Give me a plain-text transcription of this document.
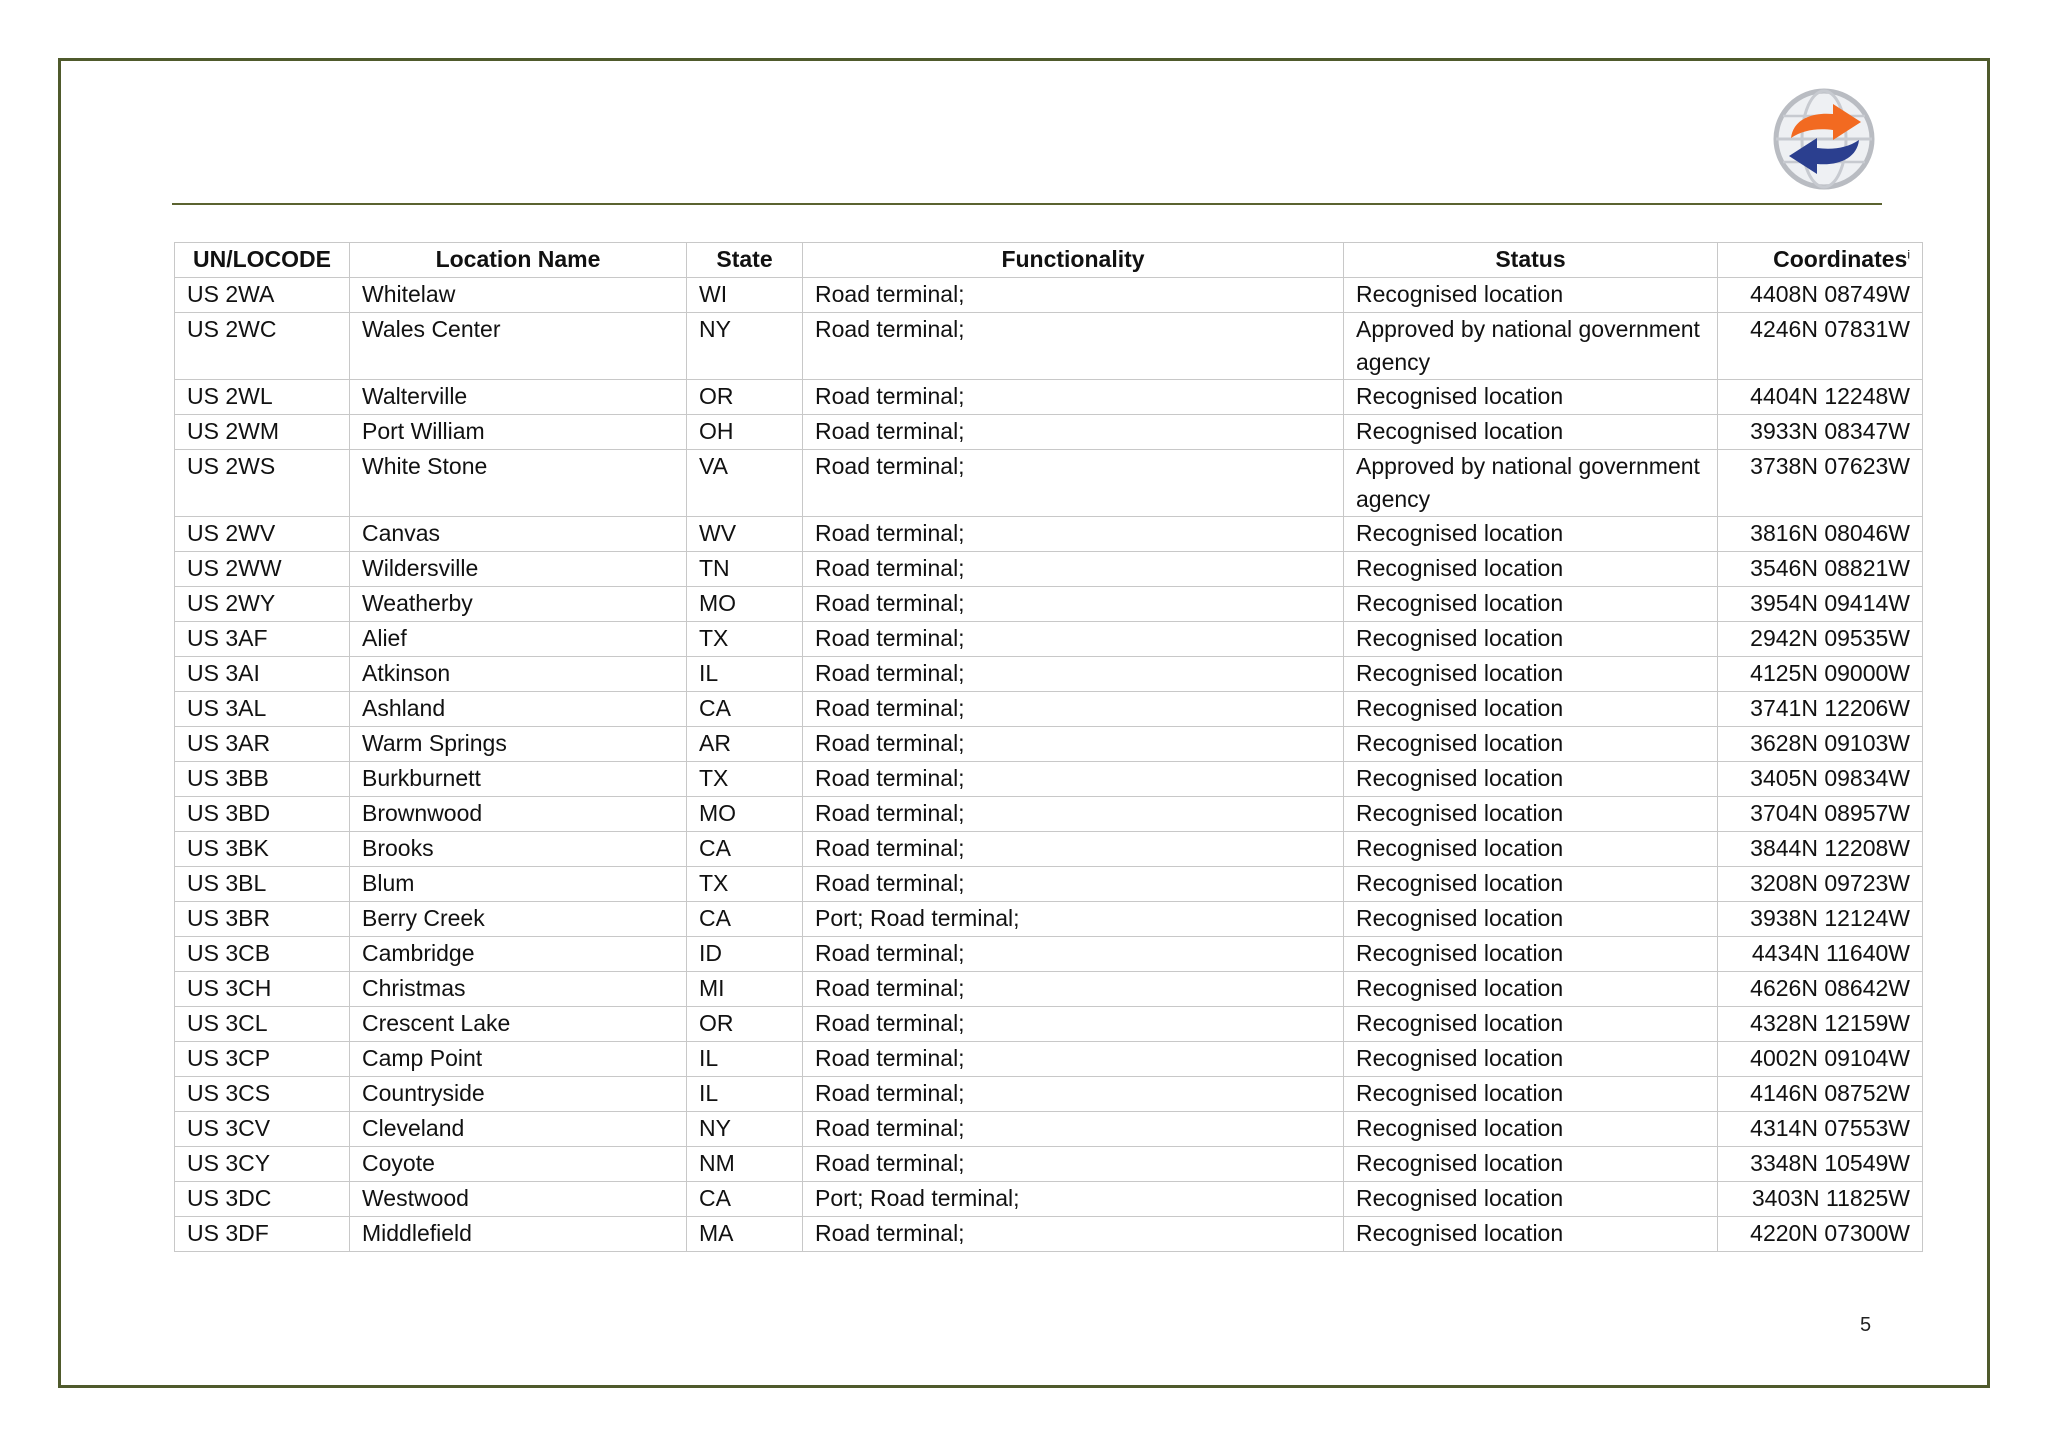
UN/LOCODE	Location Name	State	Functionality	Status	Coordinates$^i$
US 2WA	Whitelaw	WI	Road terminal;	Recognised location	4408N 08749W
US 2WC	Wales Center	NY	Road terminal;	Approved by national government agency	4246N 07831W
US 2WL	Walterville	OR	Road terminal;	Recognised location	4404N 12248W
US 2WM	Port William	OH	Road terminal;	Recognised location	3933N 08347W
US 2WS	White Stone	VA	Road terminal;	Approved by national government agency	3738N 07623W
US 2WV	Canvas	WV	Road terminal;	Recognised location	3816N 08046W
US 2WW	Wildersville	TN	Road terminal;	Recognised location	3546N 08821W
US 2WY	Weatherby	MO	Road terminal;	Recognised location	3954N 09414W
US 3AF	Alief	TX	Road terminal;	Recognised location	2942N 09535W
US 3AI	Atkinson	IL	Road terminal;	Recognised location	4125N 09000W
US 3AL	Ashland	CA	Road terminal;	Recognised location	3741N 12206W
US 3AR	Warm Springs	AR	Road terminal;	Recognised location	3628N 09103W
US 3BB	Burkburnett	TX	Road terminal;	Recognised location	3405N 09834W
US 3BD	Brownwood	MO	Road terminal;	Recognised location	3704N 08957W
US 3BK	Brooks	CA	Road terminal;	Recognised location	3844N 12208W
US 3BL	Blum	TX	Road terminal;	Recognised location	3208N 09723W
US 3BR	Berry Creek	CA	Port; Road terminal;	Recognised location	3938N 12124W
US 3CB	Cambridge	ID	Road terminal;	Recognised location	4434N 11640W
US 3CH	Christmas	MI	Road terminal;	Recognised location	4626N 08642W
US 3CL	Crescent Lake	OR	Road terminal;	Recognised location	4328N 12159W
US 3CP	Camp Point	IL	Road terminal;	Recognised location	4002N 09104W
US 3CS	Countryside	IL	Road terminal;	Recognised location	4146N 08752W
US 3CV	Cleveland	NY	Road terminal;	Recognised location	4314N 07553W
US 3CY	Coyote	NM	Road terminal;	Recognised location	3348N 10549W
US 3DC	Westwood	CA	Port; Road terminal;	Recognised location	3403N 11825W
US 3DF	Middlefield	MA	Road terminal;	Recognised location	4220N 07300W
5
